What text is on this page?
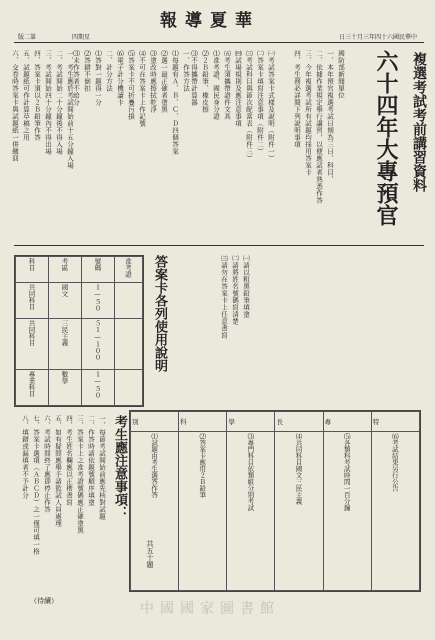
報導夏華
版二第	四期星	日三十月三年四十六國民華中
六十四年大專預官 複選考試考前講習資料

國防部新聞單位

一、本年預官複選考試日期為三日、科目、

二、依據作業規定舉行講習，以便應試者熟悉作答

三、今年複選考試所有試題均採用答案卡

四、考生務必詳閱下列說明事項

㈠考試答案卡式樣及說明（附件一）

㈡答案卡填寫注意事項（附件二）

㈢考試科目與節次配當表（附件三）

㈣試場規則及應注意事項

㈤考生須攜帶證件文具

⑴准考證、國民身分證

⑵２Ｂ鉛筆、橡皮擦

⑶不得攜帶計算器

一、作答方法

⑴每題有Ａ、Ｂ、Ｃ、Ｄ四個答案

⑵選一最正確者塗黑

⑶塗改時應擦拭乾淨

⑷不可在答案卡上作記號

⑸答案卡不可折疊污損

⑹電子計分機讀卡

二、計分方法

⑴答對一題得一分

⑵答錯不倒扣

⑶未作答者不給分

一、考生應於考試開始前十五分鐘入場

二、考試開始二十分鐘後不得入場

三、考試開始四十分鐘內不得出場

四、答案卡須以２Ｂ鉛筆作答

五、試題紙可作計算草稿之用

六、交卷時答案卡與試題紙一併繳回

答案卡各列使用說明
科目	考區	號碼	准考證
共同科目	國文	１—５０	
共同科目	三民主義	５１—１００	
專業科目	數學	１—５０	

㈠請以粗黑鉛筆填塗

㈡請將姓名號碼寫清楚

㈢請勿在答案卡上任意書寫

別	科	學	長	專	特
⑴試題由考生選答作答	⑵答案卡應用２Ｂ鉛筆	⑶專門科目依類組分別考試	⑷共同科目國文三民主義	⑸各類科考試時間一百分鐘	⑹考試結果另行公告
共五十題
考生應注意事項：

一、每節考試開始前應先核對試題

二、作答時請依題號順序填塗

三、答案卡上之准考證號碼應正確塗黑

四、考生姓名欄應以正楷書寫

五、如有疑問應舉手請監試人員處理

六、考試時間終了應即停止作答

七、答案卡選項（ＡＢＣＤ）之一僅可填一格

八、填錯或漏填者不予計分

（待續）	中國國家圖書館
